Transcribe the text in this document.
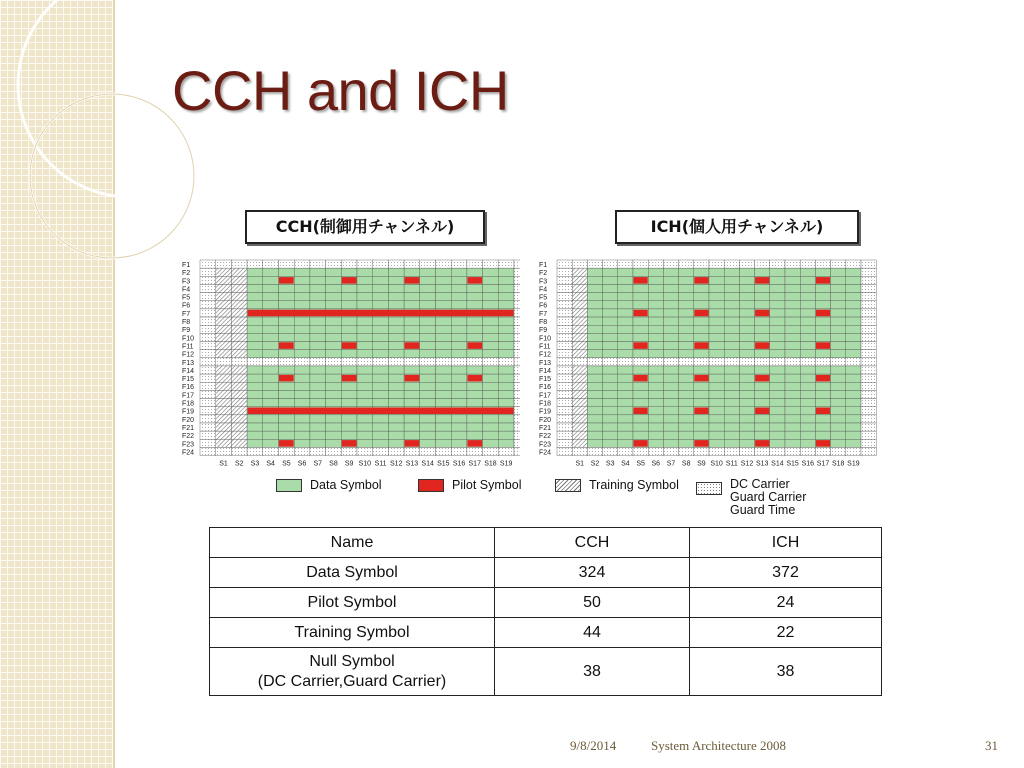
CCH and ICH
CCH(制御用チャンネル)	ICH(個人用チャンネル)
F1
F2
F3
F4
F5
F6
F7
F8
F9
F10
F11
F12
F13
F14
F15
F16
F17
F18
F19
F20
F21
F22
F23
F24
S1 S2 S3 S4 S5 S6 S7 S8 S9 S10 S11 S12 S13 S14 S15 S16 S17 S18 S19
F1
F2
F3
F4
F5
F6
F7
F8
F9
F10
F11
F12
F13
F14
F15
F16
F17
F18
F19
F20
F21
F22
F23
F24
S1 S2 S3 S4 S5 S6 S7 S8 S9 S10 S11 S12 S13 S14 S15 S16 S17 S18 S19
Data Symbol	Pilot Symbol	Training Symbol	DC Carrier
Guard Carrier
Guard Time
Name	CCH	ICH
Data Symbol	324	372
Pilot Symbol	50	24
Training Symbol	44	22
Null Symbol
(DC Carrier,Guard Carrier)	38	38
9/8/2014	System Architecture 2008	31
